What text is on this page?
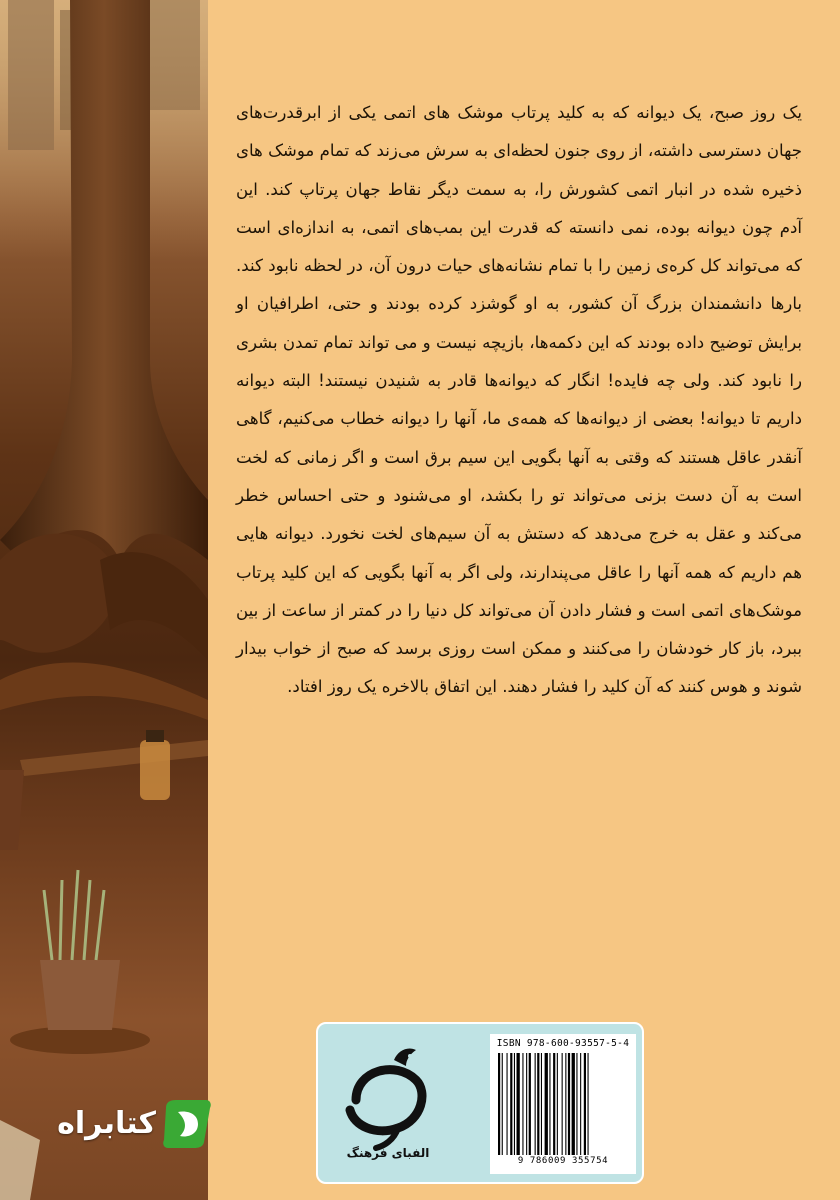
یک روز صبح، یک دیوانه که به کلید پرتاب موشک های اتمی یکی از ابرقدرت‌های جهان دسترسی داشته، از روی جنون لحظه‌ای به سرش می‌زند که تمام موشک های ذخیره شده در انبار اتمی کشورش را، به سمت دیگر نقاط جهان پرتاپ کند. این آدم چون دیوانه بوده، نمی دانسته که قدرت این بمب‌های اتمی، به اندازه‌ای است که می‌تواند کل کره‌ی زمین را با تمام نشانه‌های حیات درون آن، در لحظه نابود کند. بارها دانشمندان بزرگ آن کشور، به او گوشزد کرده بودند و حتی، اطرافیان او برایش توضیح داده بودند که این دکمه‌ها، بازیچه نیست و می تواند تمام تمدن بشری را نابود کند. ولی چه فایده! انگار که دیوانه‌ها قادر به شنیدن نیستند! البته دیوانه داریم تا دیوانه! بعضی از دیوانه‌ها که همه‌ی ما، آنها را دیوانه خطاب می‌کنیم، گاهی آنقدر عاقل هستند که وقتی به آنها بگویی این سیم برق است و اگر زمانی که لخت است به آن دست بزنی می‌تواند تو را بکشد، او می‌شنود و حتی احساس خطر می‌کند و عقل به خرج می‌دهد که دستش به آن سیم‌های لخت نخورد. دیوانه هایی هم داریم که همه آنها را عاقل می‌پندارند، ولی اگر به آنها بگویی که این کلید پرتاب موشک‌های اتمی است و فشار دادن آن می‌تواند کل دنیا را در کمتر از ساعت از بین ببرد، باز کار خودشان را می‌کنند و ممکن است روزی برسد که صبح از خواب بیدار شوند و هوس کنند که آن کلید را فشار دهند. این اتفاق بالاخره یک روز افتاد.

الفبای فرهنگ
ISBN 978-600-93557-5-4
9 786009 355754
کتابراه
